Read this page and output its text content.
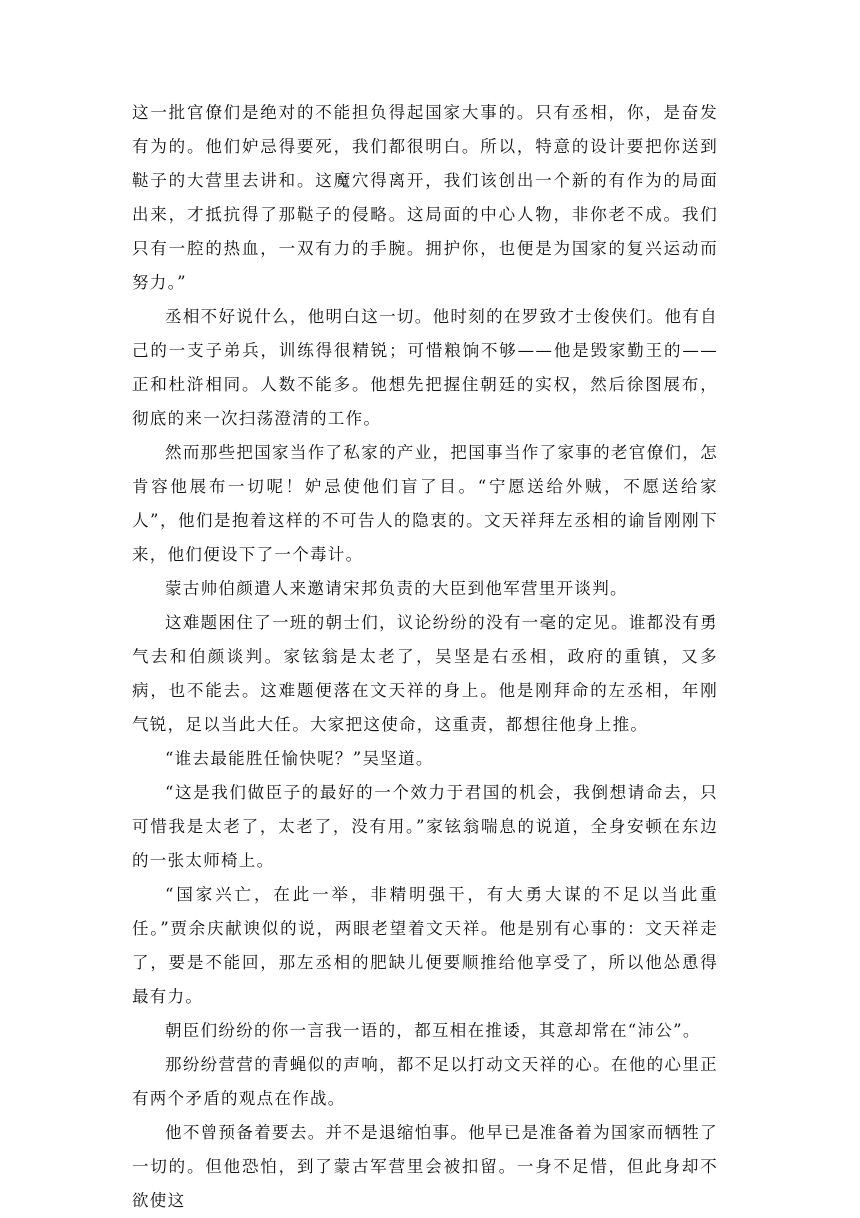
这一批官僚们是绝对的不能担负得起国家大事的。只有丞相，你，是奋发有为的。他们妒忌得要死，我们都很明白。所以，特意的设计要把你送到鞑子的大营里去讲和。这魔穴得离开，我们该创出一个新的有作为的局面出来，才抵抗得了那鞑子的侵略。这局面的中心人物，非你老不成。我们只有一腔的热血，一双有力的手腕。拥护你，也便是为国家的复兴运动而努力。”

丞相不好说什么，他明白这一切。他时刻的在罗致才士俊侠们。他有自己的一支子弟兵，训练得很精锐；可惜粮饷不够——他是毁家勤王的——正和杜浒相同。人数不能多。他想先把握住朝廷的实权，然后徐图展布，彻底的来一次扫荡澄清的工作。

然而那些把国家当作了私家的产业，把国事当作了家事的老官僚们，怎肯容他展布一切呢！妒忌使他们盲了目。“宁愿送给外贼，不愿送给家人”，他们是抱着这样的不可告人的隐衷的。文天祥拜左丞相的谕旨刚刚下来，他们便设下了一个毒计。

蒙古帅伯颜遣人来邀请宋邦负责的大臣到他军营里开谈判。

这难题困住了一班的朝士们，议论纷纷的没有一毫的定见。谁都没有勇气去和伯颜谈判。家铉翁是太老了，吴坚是右丞相，政府的重镇，又多病，也不能去。这难题便落在文天祥的身上。他是刚拜命的左丞相，年刚气锐，足以当此大任。大家把这使命，这重责，都想往他身上推。

“谁去最能胜任愉快呢？”吴坚道。

“这是我们做臣子的最好的一个效力于君国的机会，我倒想请命去，只可惜我是太老了，太老了，没有用。”家铉翁喘息的说道，全身安顿在东边的一张太师椅上。

“国家兴亡，在此一举，非精明强干，有大勇大谋的不足以当此重任。”贾余庆献谀似的说，两眼老望着文天祥。他是别有心事的：文天祥走了，要是不能回，那左丞相的肥缺儿便要顺推给他享受了，所以他怂恿得最有力。

朝臣们纷纷的你一言我一语的，都互相在推诿，其意却常在“沛公”。

那纷纷营营的青蝇似的声响，都不足以打动文天祥的心。在他的心里正有两个矛盾的观点在作战。

他不曾预备着要去。并不是退缩怕事。他早已是准备着为国家而牺牲了一切的。但他恐怕，到了蒙古军营里会被扣留。一身不足惜，但此身却不欲使这
